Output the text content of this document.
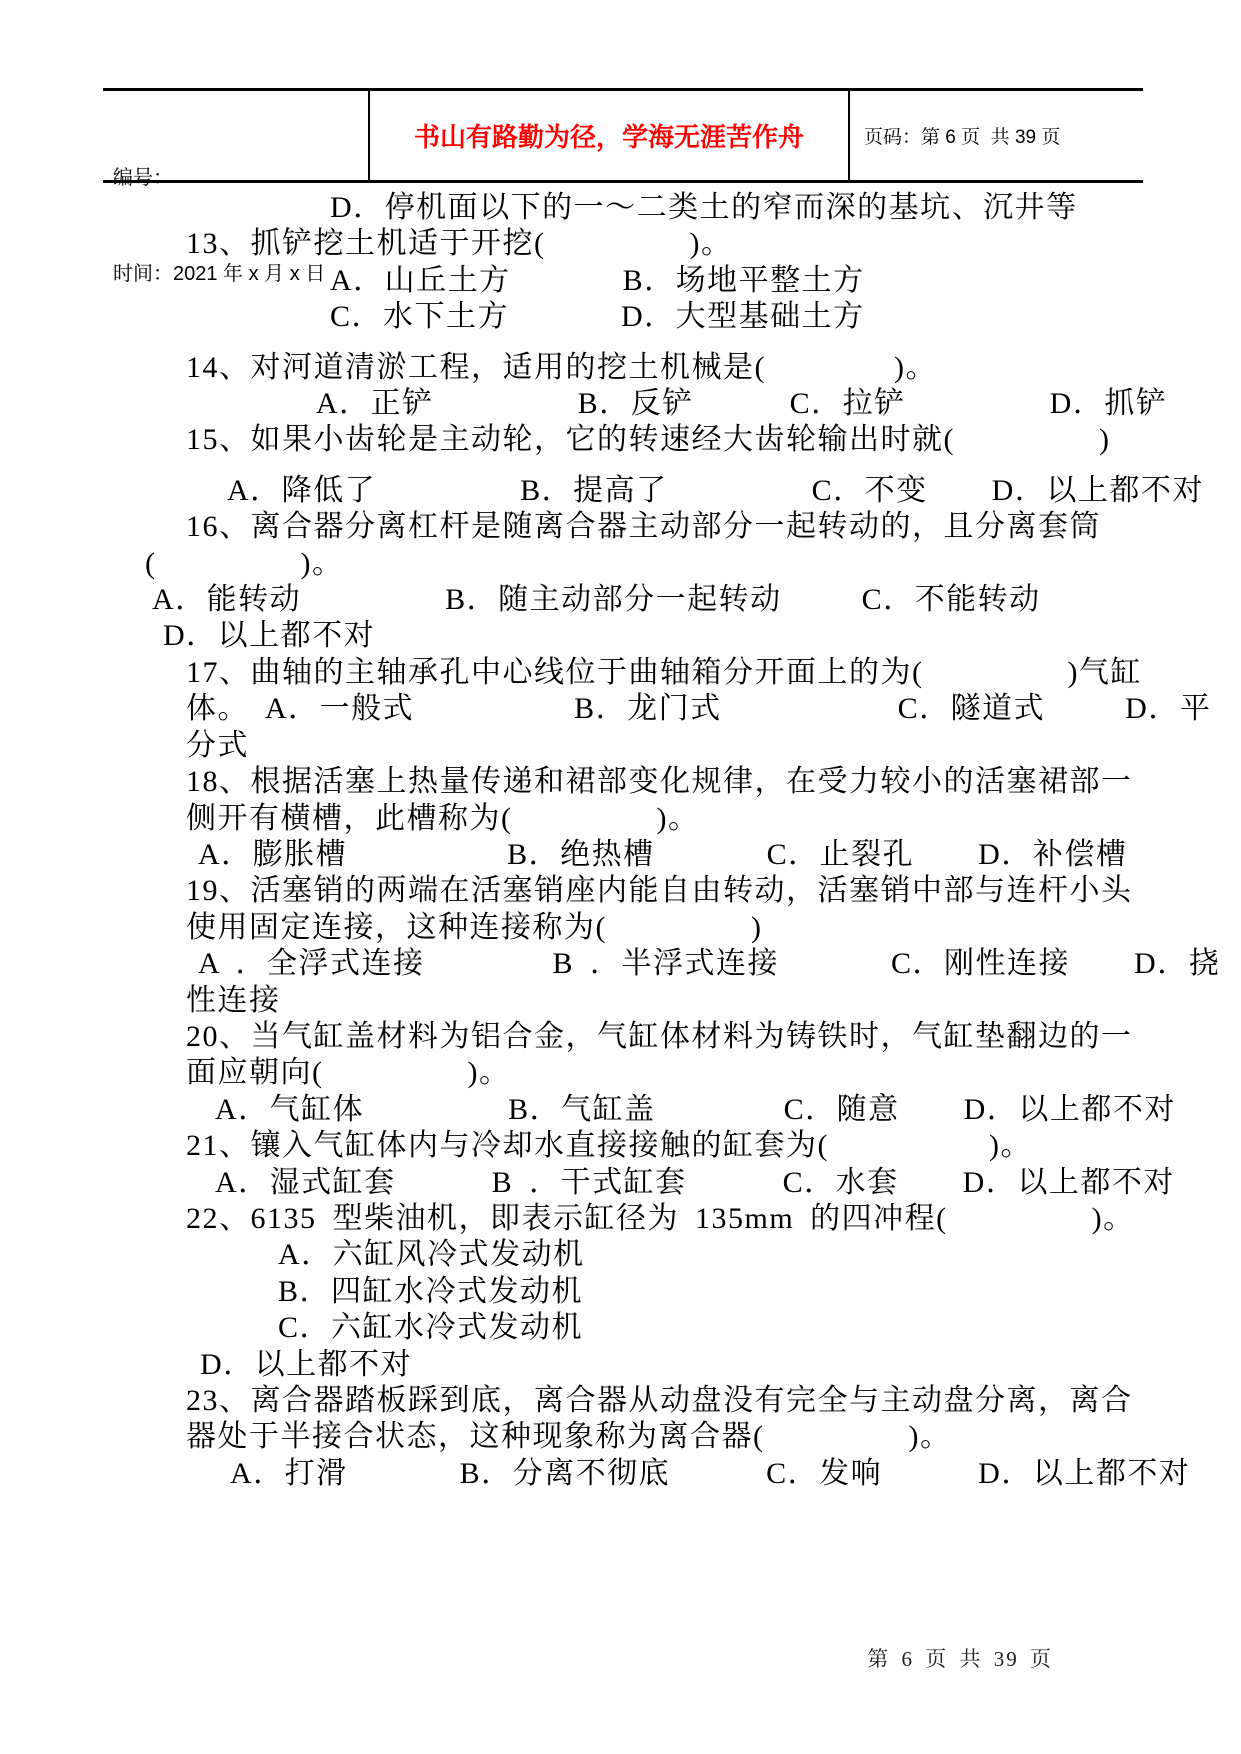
编号：

时间：2021 年 x 月 x 日

书山有路勤为径，学海无涯苦作舟	页码：第 6 页  共 39 页
D．停机面以下的一～二类土的窄而深的基坑、沉井等
13、抓铲挖土机适于开挖(         )。
A．山丘土方       B．场地平整土方
C．水下土方       D．大型基础土方
14、对河道清淤工程，适用的挖土机械是(        )。
A．正铲         B．反铲      C．拉铲         D．抓铲
15、如果小齿轮是主动轮，它的转速经大齿轮输出时就(         )
A．降低了         B．提高了         C．不变    D．以上都不对
16、离合器分离杠杆是随离合器主动部分一起转动的，且分离套筒
(         )。
A．能转动         B．随主动部分一起转动     C．不能转动
D．以上都不对
17、曲轴的主轴承孔中心线位于曲轴箱分开面上的为(         )气缸
体。 A．一般式          B．龙门式           C．隧道式     D．平
分式
18、根据活塞上热量传递和裙部变化规律，在受力较小的活塞裙部一
侧开有横槽，此槽称为(         )。
A．膨胀槽          B．绝热槽       C．止裂孔    D．补偿槽
19、活塞销的两端在活塞销座内能自由转动，活塞销中部与连杆小头
使用固定连接，这种连接称为(         )
A ．全浮式连接        B ．半浮式连接       C．刚性连接    D．挠
性连接
20、当气缸盖材料为铝合金，气缸体材料为铸铁时，气缸垫翻边的一
面应朝向(         )。
A．气缸体         B．气缸盖        C．随意    D．以上都不对
21、镶入气缸体内与冷却水直接接触的缸套为(          )。
A．湿式缸套      B ．干式缸套      C．水套    D．以上都不对
22、6135 型柴油机，即表示缸径为 135mm 的四冲程(         )。
A．六缸风冷式发动机
B．四缸水冷式发动机
C．六缸水冷式发动机
D．以上都不对
23、离合器踏板踩到底，离合器从动盘没有完全与主动盘分离，离合
器处于半接合状态，这种现象称为离合器(         )。
A．打滑       B．分离不彻底      C．发响      D．以上都不对

第 6 页 共 39 页
